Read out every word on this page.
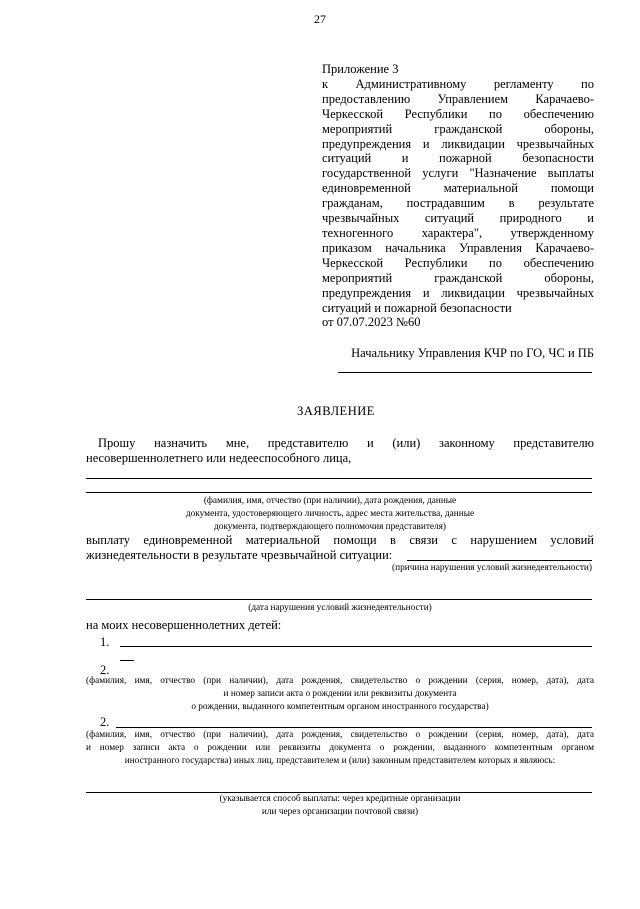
27
Приложение 3
к Административному регламенту по
предоставлению Управлением Карачаево-
Черкесской Республики по обеспечению
мероприятий гражданской обороны,
предупреждения и ликвидации чрезвычайных
ситуаций и пожарной безопасности
государственной услуги "Назначение выплаты
единовременной материальной помощи
гражданам, пострадавшим в результате
чрезвычайных ситуаций природного и
техногенного характера", утвержденному
приказом начальника Управления Карачаево-
Черкесской Республики по обеспечению
мероприятий гражданской обороны,
предупреждения и ликвидации чрезвычайных
ситуаций и пожарной безопасности
от 07.07.2023 №60
Начальнику Управления КЧР по ГО, ЧС и ПБ
ЗАЯВЛЕНИЕ
Прошу назначить мне, представителю и (или) законному представителю
несовершеннолетнего или недееспособного лица,
(фамилия, имя, отчество (при наличии), дата рождения, данные
документа, удостоверяющего личность, адрес места жительства, данные
документа, подтверждающего полномочия представителя)
выплату единовременной материальной помощи в связи с нарушением условий
жизнедеятельности в результате чрезвычайной ситуации:
(причина нарушения условий жизнедеятельности)
(дата нарушения условий жизнедеятельности)
на моих несовершеннолетних детей:
1.
2.
(фамилия, имя, отчество (при наличии), дата рождения, свидетельство о рождении (серия, номер, дата), дата
и номер записи акта о рождении или реквизиты документа
о рождении, выданного компетентным органом иностранного государства)
2.
(фамилия, имя, отчество (при наличии), дата рождения, свидетельство о рождении (серия, номер, дата), дата
и номер записи акта о рождении или реквизиты документа о рождении, выданного компетентным органом
иностранного государства) иных лиц, представителем и (или) законным представителем которых я являюсь:
(указывается способ выплаты: через кредитные организации
или через организации почтовой связи)
